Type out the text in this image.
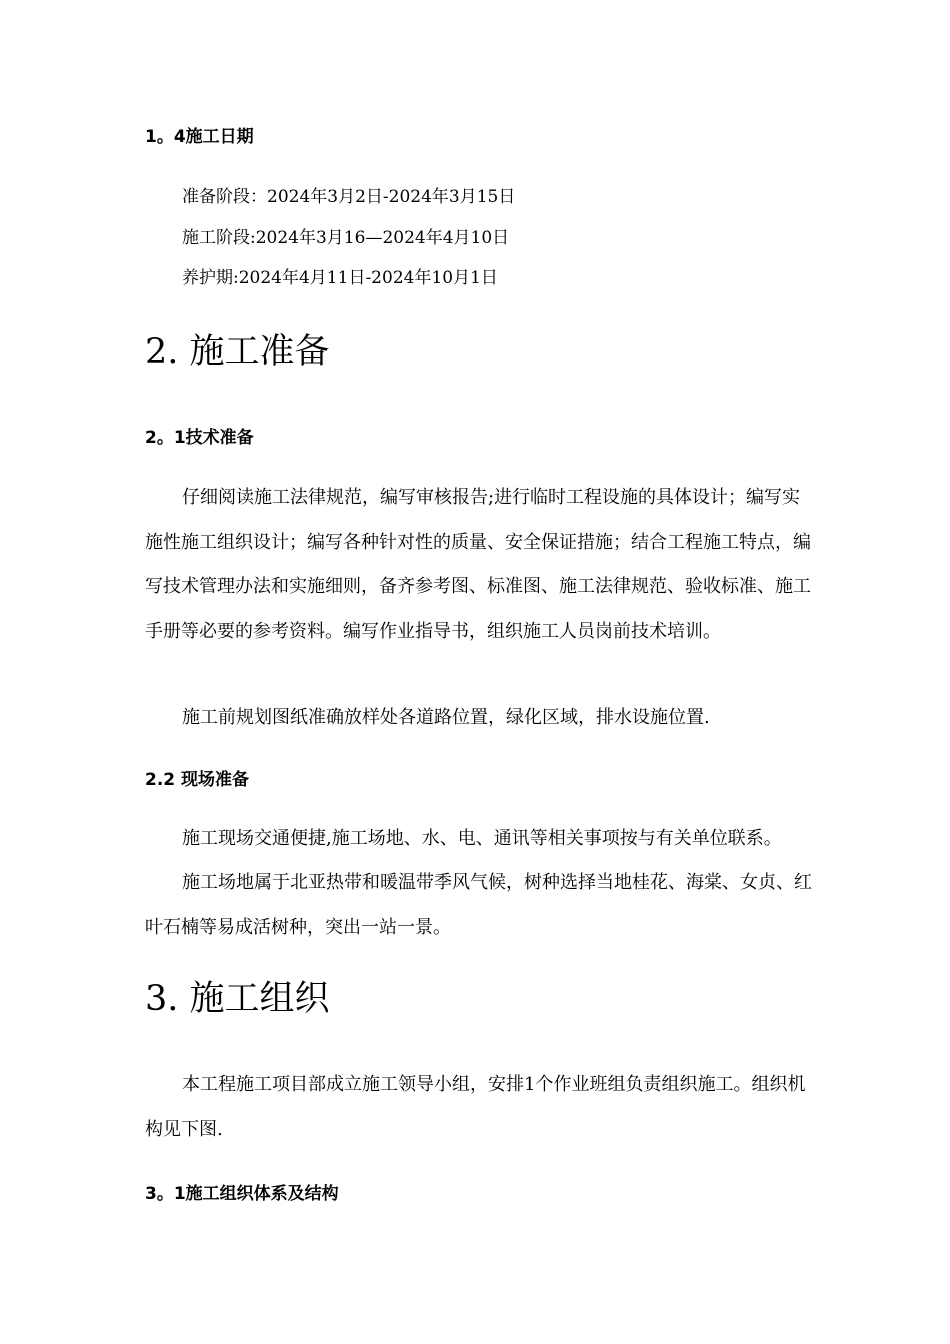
1。4施工日期
准备阶段：2024年3月2日-2024年3月15日
施工阶段:2024年3月16—2024年4月10日
养护期:2024年4月11日-2024年10月1日
2. 施工准备
2。1技术准备
仔细阅读施工法律规范，编写审核报告;进行临时工程设施的具体设计；编写实施性施工组织设计；编写各种针对性的质量、安全保证措施；结合工程施工特点，编写技术管理办法和实施细则，备齐参考图、标准图、施工法律规范、验收标准、施工手册等必要的参考资料。编写作业指导书，组织施工人员岗前技术培训。
施工前规划图纸准确放样处各道路位置，绿化区域，排水设施位置.
2.2 现场准备
施工现场交通便捷,施工场地、水、电、通讯等相关事项按与有关单位联系。
施工场地属于北亚热带和暖温带季风气候，树种选择当地桂花、海棠、女贞、红叶石楠等易成活树种，突出一站一景。
3. 施工组织
本工程施工项目部成立施工领导小组，安排1个作业班组负责组织施工。组织机构见下图.
3。1施工组织体系及结构
